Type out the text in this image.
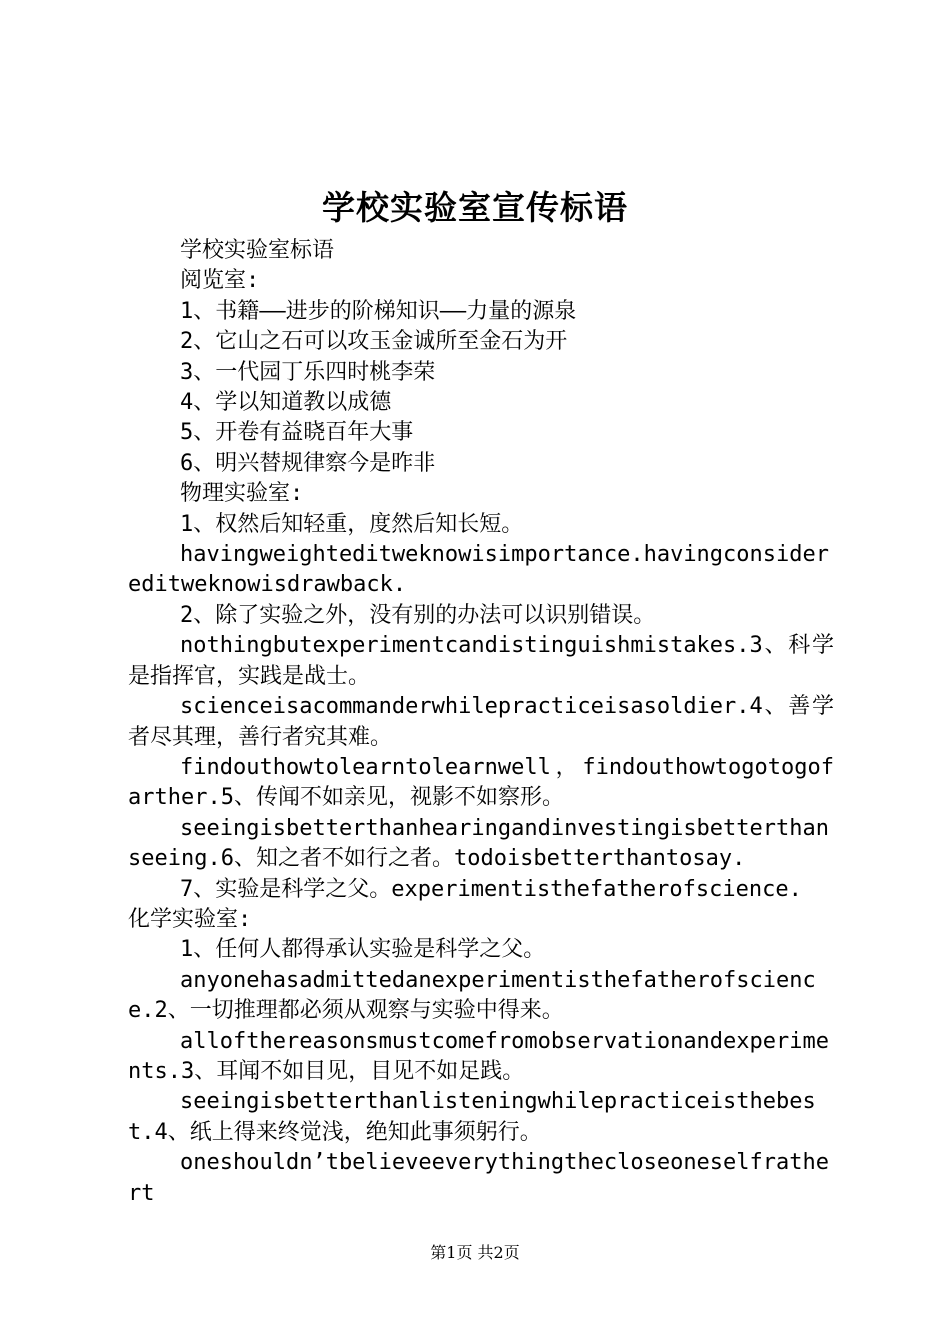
学校实验室宣传标语

学校实验室标语

阅览室:

1、书籍——进步的阶梯知识——力量的源泉

2、它山之石可以攻玉金诚所至金石为开

3、一代园丁乐四时桃李荣

4、学以知道教以成德

5、开卷有益晓百年大事

6、明兴替规律察今是昨非

物理实验室:

1、权然后知轻重，度然后知长短。

havingweighteditweknowisimportance.havingconsidereditweknowisdrawback.

2、除了实验之外，没有别的办法可以识别错误。

nothingbutexperimentcandistinguishmistakes.3、科学是指挥官，实践是战士。

scienceisacommanderwhilepracticeisasoldier.4、善学者尽其理，善行者究其难。

findouthowtolearntolearnwell，findouthowtogotogofarther.5、传闻不如亲见，视影不如察形。

seeingisbetterthanhearingandinvestingisbetterthanseeing.6、知之者不如行之者。todoisbetterthantosay.

7、实验是科学之父。experimentisthefatherofscience.

化学实验室:

1、任何人都得承认实验是科学之父。

anyonehasadmittedanexperimentisthefatherofscience.2、一切推理都必须从观察与实验中得来。

allofthereasonsmustcomefromobservationandexperiments.3、耳闻不如目见，目见不如足践。

seeingisbetterthanlisteningwhilepracticeisthebest.4、纸上得来终觉浅，绝知此事须躬行。

oneshouldn’tbelieveeverythingthecloseoneselfrathert

第1页 共2页
